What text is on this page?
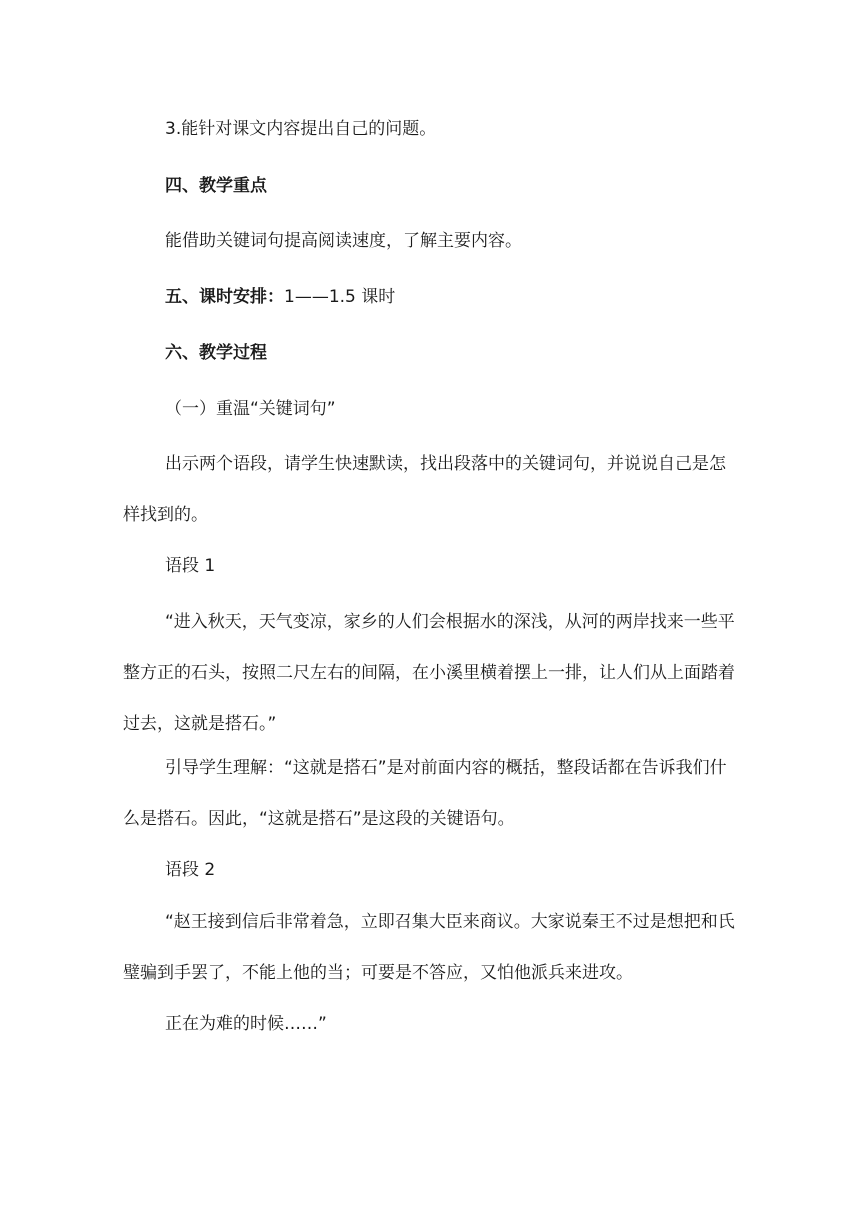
3.能针对课文内容提出自己的问题。

四、教学重点

能借助关键词句提高阅读速度，了解主要内容。

五、课时安排：1——1.5 课时

六、教学过程

（一）重温“关键词句”

出示两个语段，请学生快速默读，找出段落中的关键词句，并说说自己是怎样找到的。

语段 1

“进入秋天，天气变凉，家乡的人们会根据水的深浅，从河的两岸找来一些平整方正的石头，按照二尺左右的间隔，在小溪里横着摆上一排，让人们从上面踏着过去，这就是搭石。”

引导学生理解：“这就是搭石”是对前面内容的概括，整段话都在告诉我们什么是搭石。因此，“这就是搭石”是这段的关键语句。

语段 2

“赵王接到信后非常着急，立即召集大臣来商议。大家说秦王不过是想把和氏璧骗到手罢了，不能上他的当；可要是不答应，又怕他派兵来进攻。

正在为难的时候……”
